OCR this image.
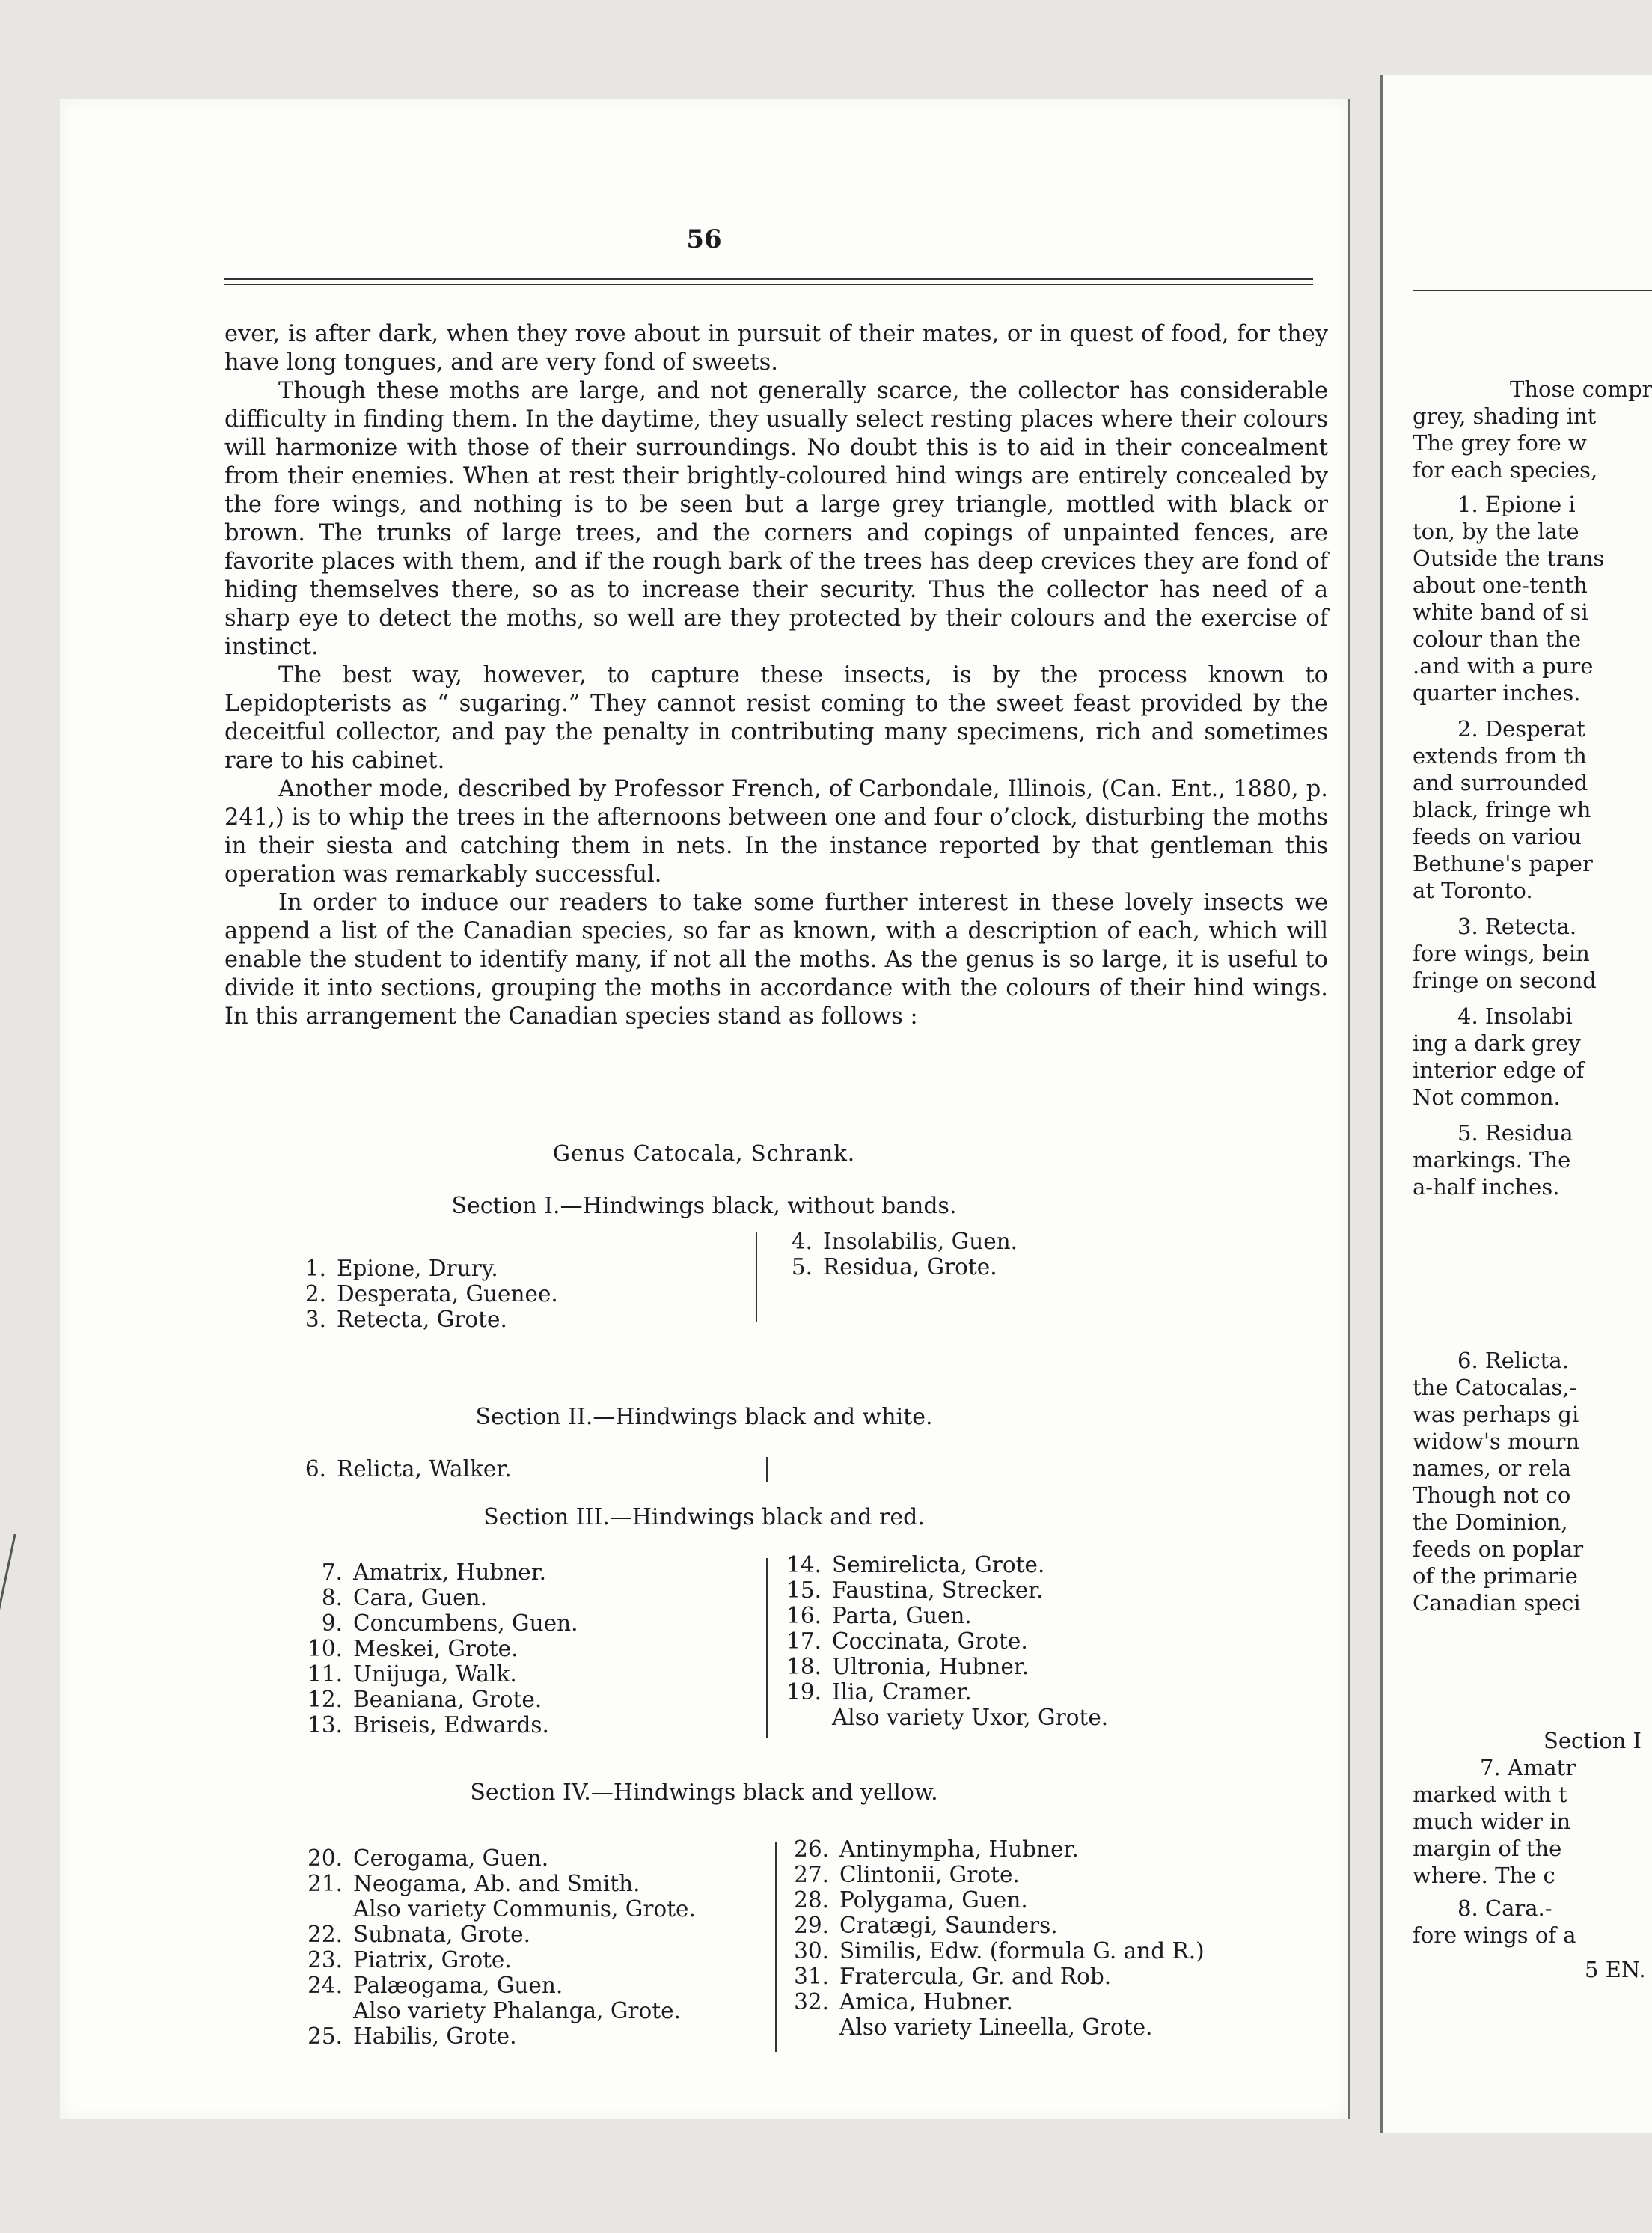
56

ever, is after dark, when they rove about in pursuit of their mates, or in quest of food, for they have long tongues, and are very fond of sweets.

Though these moths are large, and not generally scarce, the collector has considerable difficulty in finding them. In the daytime, they usually select resting places where their colours will harmonize with those of their surroundings. No doubt this is to aid in their concealment from their enemies. When at rest their brightly-coloured hind wings are entirely concealed by the fore wings, and nothing is to be seen but a large grey triangle, mottled with black or brown. The trunks of large trees, and the corners and copings of unpainted fences, are favorite places with them, and if the rough bark of the trees has deep crevices they are fond of hiding themselves there, so as to increase their security. Thus the collector has need of a sharp eye to detect the moths, so well are they protected by their colours and the exercise of instinct.

The best way, however, to capture these insects, is by the process known to Lepidopterists as “ sugaring.” They cannot resist coming to the sweet feast provided by the deceitful collector, and pay the penalty in contributing many specimens, rich and sometimes rare to his cabinet.

Another mode, described by Professor French, of Carbondale, Illinois, (Can. Ent., 1880, p. 241,) is to whip the trees in the afternoons between one and four o’clock, disturbing the moths in their siesta and catching them in nets. In the instance reported by that gentleman this operation was remarkably successful.

In order to induce our readers to take some further interest in these lovely insects we append a list of the Canadian species, so far as known, with a description of each, which will enable the student to identify many, if not all the moths. As the genus is so large, it is useful to divide it into sections, grouping the moths in accordance with the colours of their hind wings. In this arrangement the Canadian species stand as follows :

Genus Catocala, Schrank.
Section I.—Hindwings black, without bands.
1. Epione, Drury.
2. Desperata, Guenee.
3. Retecta, Grote.
4. Insolabilis, Guen.
5. Residua, Grote.
Section II.—Hindwings black and white.
6. Relicta, Walker.
Section III.—Hindwings black and red.
7. Amatrix, Hubner.
8. Cara, Guen.
9. Concumbens, Guen.
10. Meskei, Grote.
11. Unijuga, Walk.
12. Beaniana, Grote.
13. Briseis, Edwards.
14. Semirelicta, Grote.
15. Faustina, Strecker.
16. Parta, Guen.
17. Coccinata, Grote.
18. Ultronia, Hubner.
19. Ilia, Cramer.
Also variety Uxor, Grote.
Section IV.—Hindwings black and yellow.
20. Cerogama, Guen.
21. Neogama, Ab. and Smith.
Also variety Communis, Grote.
22. Subnata, Grote.
23. Piatrix, Grote.
24. Palæogama, Guen.
Also variety Phalanga, Grote.
25. Habilis, Grote.
26. Antinympha, Hubner.
27. Clintonii, Grote.
28. Polygama, Guen.
29. Cratægi, Saunders.
30. Similis, Edw. (formula G. and R.)
31. Fratercula, Gr. and Rob.
32. Amica, Hubner.
Also variety Lineella, Grote.
Those compr
grey, shading int
The grey fore w
for each species,
1. Epione i
ton, by the late
Outside the trans
about one-tenth
white band of si
colour than the
.and with a pure
quarter inches.
2. Desperat
extends from th
and surrounded
black, fringe wh
feeds on variou
Bethune's paper
at Toronto.
3. Retecta.
fore wings, bein
fringe on second
4. Insolabi
ing a dark grey
interior edge of
Not common.
5. Residua
markings. The
a-half inches.
6. Relicta.
the Catocalas,-
was perhaps gi
widow's mourn
names, or rela
Though not co
the Dominion,
feeds on poplar
of the primarie
Canadian speci
Section I
7. Amatr
marked with t
much wider in
margin of the
where. The c
8. Cara.-
fore wings of a
5 EN.
